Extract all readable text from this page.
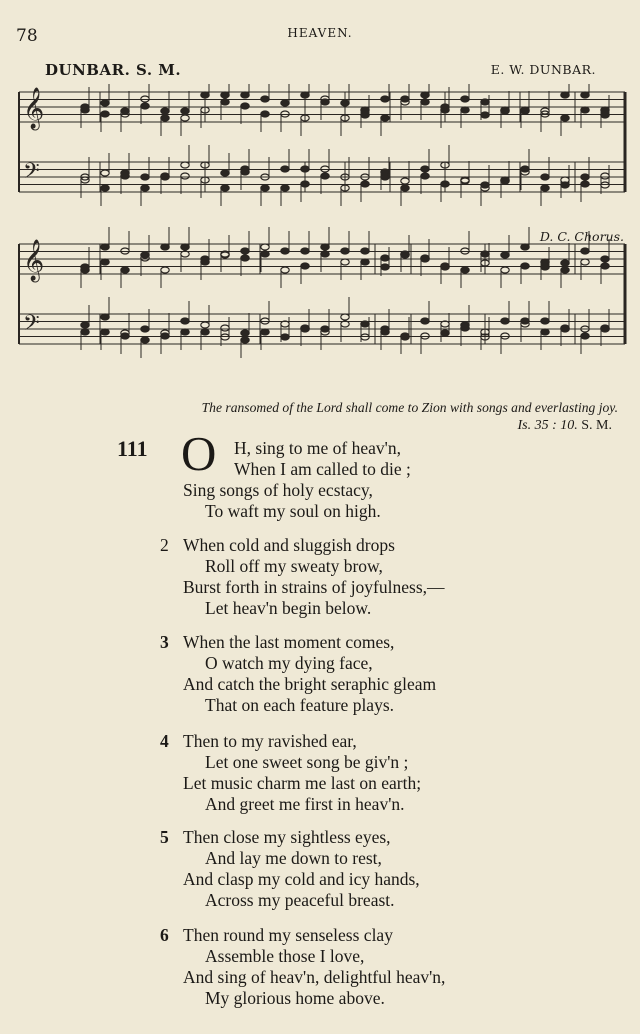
78	HEAVEN.
DUNBAR. S. M.	E. W. DUNBAR.
D. C. Chorus.
𝄞
𝄢
𝄞
𝄢
The ransomed of the Lord shall come to Zion with songs and everlasting joy.
Is. 35 : 10. S. M.
111 O H, sing to me of heav'n,
When I am called to die ;
Sing songs of holy ecstacy,
To waft my soul on high.
2 When cold and sluggish drops
Roll off my sweaty brow,
Burst forth in strains of joyfulness,—
Let heav'n begin below.
3 When the last moment comes,
O watch my dying face,
And catch the bright seraphic gleam
That on each feature plays.
4 Then to my ravished ear,
Let one sweet song be giv'n ;
Let music charm me last on earth;
And greet me first in heav'n.
5 Then close my sightless eyes,
And lay me down to rest,
And clasp my cold and icy hands,
Across my peaceful breast.
6 Then round my senseless clay
Assemble those I love,
And sing of heav'n, delightful heav'n,
My glorious home above.
